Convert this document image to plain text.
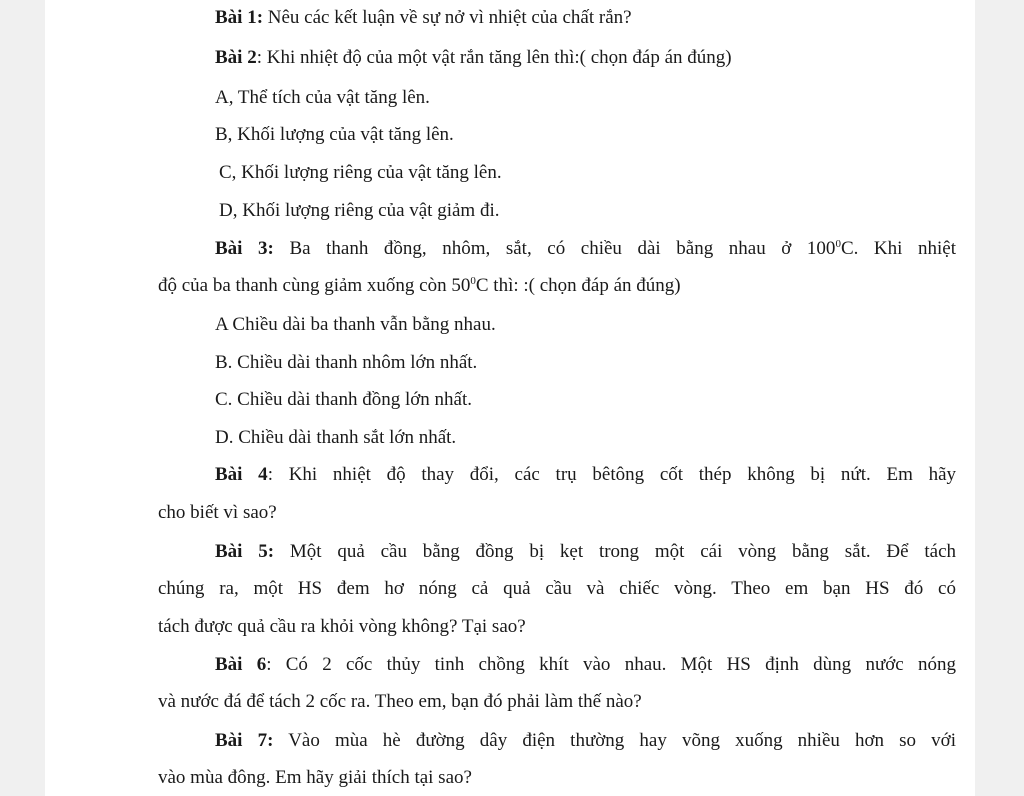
Bài 1: Nêu các kết luận về sự nở vì nhiệt của chất rắn?
Bài 2: Khi nhiệt độ của một vật rắn tăng lên thì:( chọn đáp án đúng)
A, Thể tích của vật tăng lên.
B, Khối lượng của vật tăng lên.
C, Khối lượng riêng của vật tăng lên.
D, Khối lượng riêng của vật giảm đi.
Bài 3: Ba thanh đồng, nhôm, sắt, có chiều dài bằng nhau ở $100^0C$. Khi nhiệt
độ của ba thanh cùng giảm xuống còn $50^0C$ thì: :( chọn đáp án đúng)
A Chiều dài ba thanh vẫn bằng nhau.
B. Chiều dài thanh nhôm lớn nhất.
C. Chiều dài thanh đồng lớn nhất.
D. Chiều dài thanh sắt lớn nhất.
Bài 4: Khi nhiệt độ thay đổi, các trụ bêtông cốt thép không bị nứt. Em hãy
cho biết vì sao?
Bài 5: Một quả cầu bằng đồng bị kẹt trong một cái vòng bằng sắt. Để tách
chúng ra, một HS đem hơ nóng cả quả cầu và chiếc vòng. Theo em bạn HS đó có
tách được quả cầu ra khỏi vòng không? Tại sao?
Bài 6: Có 2 cốc thủy tinh chồng khít vào nhau. Một HS định dùng nước nóng
và nước đá để tách 2 cốc ra. Theo em, bạn đó phải làm thế nào?
Bài 7: Vào mùa hè đường dây điện thường hay võng xuống nhiều hơn so với
vào mùa đông. Em hãy giải thích tại sao?
